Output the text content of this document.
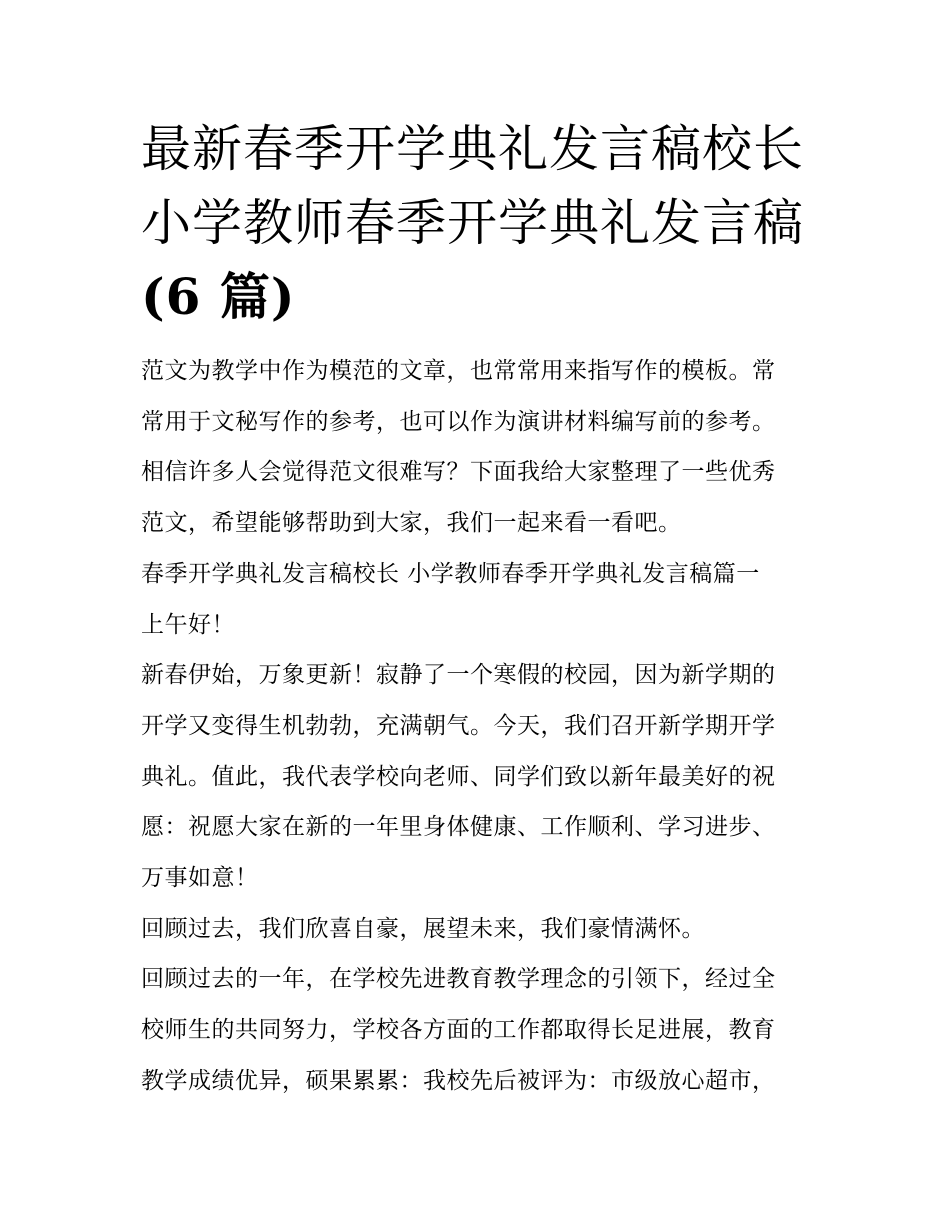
最新春季开学典礼发言稿校长
小学教师春季开学典礼发言稿
(6 篇)

范文为教学中作为模范的文章，也常常用来指写作的模板。常
常用于文秘写作的参考，也可以作为演讲材料编写前的参考。
相信许多人会觉得范文很难写？下面我给大家整理了一些优秀
范文，希望能够帮助到大家，我们一起来看一看吧。

春季开学典礼发言稿校长 小学教师春季开学典礼发言稿篇一

上午好！

新春伊始，万象更新！寂静了一个寒假的校园，因为新学期的
开学又变得生机勃勃，充满朝气。今天，我们召开新学期开学
典礼。值此，我代表学校向老师、同学们致以新年最美好的祝
愿：祝愿大家在新的一年里身体健康、工作顺利、学习进步、
万事如意！

回顾过去，我们欣喜自豪，展望未来，我们豪情满怀。

回顾过去的一年，在学校先进教育教学理念的引领下，经过全
校师生的共同努力，学校各方面的工作都取得长足进展，教育
教学成绩优异，硕果累累：我校先后被评为：市级放心超市，
